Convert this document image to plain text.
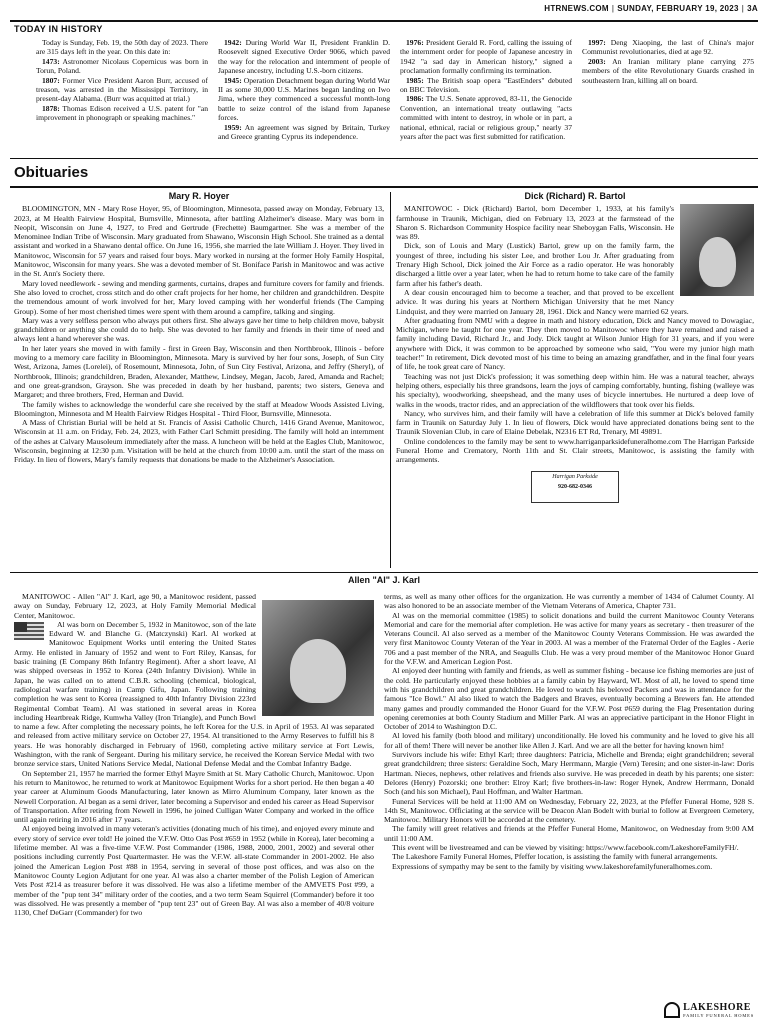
HTRNEWS.COM | SUNDAY, FEBRUARY 19, 2023 | 3A
TODAY IN HISTORY

Today is Sunday, Feb. 19, the 50th day of 2023. There are 315 days left in the year. On this date in:

1473: Astronomer Nicolaus Copernicus was born in Torun, Poland.

1807: Former Vice President Aaron Burr, accused of treason, was arrested in the Mississippi Territory, in present-day Alabama. (Burr was acquitted at trial.)

1878: Thomas Edison received a U.S. patent for "an improvement in phonograph or speaking machines."

1942: During World War II, President Franklin D. Roosevelt signed Executive Order 9066, which paved the way for the relocation and internment of people of Japanese ancestry, including U.S.-born citizens.

1945: Operation Detachment began during World War II as some 30,000 U.S. Marines began landing on Iwo Jima, where they commenced a successful month-long battle to seize control of the island from Japanese forces.

1959: An agreement was signed by Britain, Turkey and Greece granting Cyprus its independence.

1976: President Gerald R. Ford, calling the issuing of the internment order for people of Japanese ancestry in 1942 "a sad day in American history," signed a proclamation formally confirming its termination.

1985: The British soap opera "EastEnders" debuted on BBC Television.

1986: The U.S. Senate approved, 83-11, the Genocide Convention, an international treaty outlawing "acts committed with intent to destroy, in whole or in part, a national, ethnical, racial or religious group," nearly 37 years after the pact was first submitted for ratification.

1997: Deng Xiaoping, the last of China's major Communist revolutionaries, died at age 92.

2003: An Iranian military plane carrying 275 members of the elite Revolutionary Guards crashed in southeastern Iran, killing all on board.

Obituaries
Mary R. Hoyer

BLOOMINGTON, MN - Mary Rose Hoyer, 95, of Bloomington, Minnesota, passed away on Monday, February 13, 2023, at M Health Fairview Hospital, Burnsville, Minnesota, after battling Alzheimer's disease. Mary was born in Neopit, Wisconsin on June 4, 1927, to Fred and Gertrude (Frechette) Baumgartner. She was a member of the Menominee Indian Tribe of Wisconsin. Mary graduated from Shawano, Wisconsin High School. She trained as a dental assistant and worked in a Shawano dental office. On June 16, 1956, she married the late William J. Hoyer. They lived in Manitowoc, Wisconsin for 57 years and raised four boys. Mary worked in nursing at the former Holy Family Hospital, Manitowoc, Wisconsin for many years. She was a devoted member of St. Boniface Parish in Manitowoc and was active in the St. Ann's Society there.

Mary loved needlework - sewing and mending garments, curtains, drapes and furniture covers for family and friends. She also loved to crochet, cross stitch and do other craft projects for her home, her children and grandchildren. Despite the tremendous amount of work involved for her, Mary loved camping with her wonderful friends (The Camping Group). Some of her most cherished times were spent with them around a campfire, talking and singing.

Mary was a very selfless person who always put others first. She always gave her time to help children move, babysit grandchildren or anything she could do to help. She was devoted to her family and friends in their time of need and always lent a hand wherever she was.

In her later years she moved in with family - first in Green Bay, Wisconsin and then Northbrook, Illinois - before moving to a memory care facility in Bloomington, Minnesota. Mary is survived by her four sons, Joseph, of Sun City West, Arizona, James (Lorelei), of Rosemount, Minnesota, John, of Sun City Festival, Arizona, and Jeffry (Sheryl), of Northbrook, Illinois; grandchildren, Braden, Alexander, Matthew, Lindsey, Megan, Jacob, Jared, Amanda and Rachel; and one great-grandson, Grayson. She was preceded in death by her husband, parents; two sisters, Geneva and Margaret; and three brothers, Fred, Herman and David.

The family wishes to acknowledge the wonderful care she received by the staff at Meadow Woods Assisted Living, Bloomington, Minnesota and M Health Fairview Ridges Hospital - Third Floor, Burnsville, Minnesota.

A Mass of Christian Burial will be held at St. Francis of Assisi Catholic Church, 1416 Grand Avenue, Manitowoc, Wisconsin at 11 a.m. on Friday, Feb. 24, 2023, with Father Carl Schmitt presiding. The family will hold an internment of the ashes at Calvary Mausoleum immediately after the mass. A luncheon will be held at the Eagles Club, Manitowoc, Wisconsin, beginning at 12:30 p.m. Visitation will be held at the church from 10:00 a.m. until the start of the mass on Friday. In lieu of flowers, Mary's family requests that donations be made to the Alzheimer's Association.

Dick (Richard) R. Bartol

MANITOWOC - Dick (Richard) Bartol, born December 1, 1933, at his family's farmhouse in Traunik, Michigan, died on February 13, 2023 at the farmstead of the Sharon S. Richardson Community Hospice facility near Sheboygan Falls, Wisconsin. He was 89.

Dick, son of Louis and Mary (Lustick) Bartol, grew up on the family farm, the youngest of three, including his sister Lee, and brother Lou Jr. After graduating from Trenary High School, Dick joined the Air Force as a radio operator. He was honorably discharged a little over a year later, when he had to return home to take care of the family farm after his father's death.

A dear cousin encouraged him to become a teacher, and that proved to be excellent advice. It was during his years at Northern Michigan University that he met Nancy Lindquist, and they were married on January 28, 1961. Dick and Nancy were married 62 years.

After graduating from NMU with a degree in math and history education, Dick and Nancy moved to Dowagiac, Michigan, where he taught for one year. They then moved to Manitowoc where they have remained and raised a family including David, Richard Jr., and Jody. Dick taught at Wilson Junior High for 31 years, and if you were anywhere with Dick, it was common to be approached by someone who said, "You were my junior high math teacher!" In retirement, Dick devoted most of his time to being an amazing grandfather, and in the final four years of life, he took great care of Nancy.

Teaching was not just Dick's profession; it was something deep within him. He was a natural teacher, always helping others, especially his three grandsons, learn the joys of camping comfortably, hunting, fishing (walleye was his specialty), woodworking, sheepshead, and the many uses of bicycle innertubes. He nurtured a deep love of walks in the woods, tractor rides, and an appreciation of the wildflowers that took over his fields.

Nancy, who survives him, and their family will have a celebration of life this summer at Dick's beloved family farm in Traunik on Saturday July 1. In lieu of flowers, Dick would have appreciated donations being sent to the Traunik Slovenian Club, in care of Elaine Debelak, N2316 ET Rd, Trenary, MI 49891.

Online condolences to the family may be sent to www.harriganparksidefuneralhome.com The Harrigan Parkside Funeral Home and Crematory, North 11th and St. Clair streets, Manitowoc, is assisting the family with arrangements.

Harrigan Parkside
920-682-0346
Allen "Al" J. Karl

MANITOWOC - Allen "Al" J. Karl, age 90, a Manitowoc resident, passed away on Sunday, February 12, 2023, at Holy Family Memorial Medical Center, Manitowoc.

Al was born on December 5, 1932 in Manitowoc, son of the late Edward W. and Blanche G. (Matczynski) Karl. Al worked at Manitowoc Equipment Works until entering the United States Army. He enlisted in January of 1952 and went to Fort Riley, Kansas, for basic training (E Company 86th Infantry Regiment). After a short leave, Al was shipped overseas in 1952 to Korea (24th Infantry Division). While in Japan, he was called on to attend C.B.R. schooling (chemical, biological, radiological warfare training) in Camp Gifu, Japan. Following training completion he was sent to Korea (reassigned to 40th Infantry Division 223rd Regimental Combat Team). Al was stationed in several areas in Korea including Heartbreak Ridge, Kumwha Valley (Iron Triangle), and Punch Bowl to name a few. After completing the necessary points, he left Korea for the U.S. in April of 1953. Al was separated and released from active military service on October 27, 1954. Al transitioned to the Army Reserves to fulfill his 8 years. He was honorably discharged in February of 1960, completing active military service at Fort Lewis, Washington, with the rank of Sergeant. During his military service, he received the Korean Service Medal with two bronze service stars, United Nations Service Medal, National Defense Medal and the Combat Infantry Badge.

On September 21, 1957 he married the former Ethyl Mayre Smith at St. Mary Catholic Church, Manitowoc. Upon his return to Manitowoc, he returned to work at Manitowoc Equipment Works for a short period. He then began a 40 year career at Aluminum Goods Manufacturing, later known as Mirro Aluminum Company, later known as the Newell Corporation. Al began as a semi driver, later becoming a Supervisor and ended his career as Head Supervisor of Transportation. After retiring from Newell in 1996, he joined Culligan Water Company and worked in the office until again retiring in 2016 after 17 years.

Al enjoyed being involved in many veteran's activities (donating much of his time), and enjoyed every minute and every story of service ever told! He joined the V.F.W. Otto Oas Post #659 in 1952 (while in Korea), later becoming a lifetime member. Al was a five-time V.F.W. Post Commander (1986, 1988, 2000, 2001, 2002) and several other positions including currently Post Quartermaster. He was the V.F.W. all-state Commander in 2001-2002. He also joined the American Legion Post #88 in 1954, serving in several of those post offices, and was also on the Manitowoc County Legion Adjutant for one year. Al was also a charter member of the Polish Legion of American Vets Post #214 as treasurer before it was dissolved. He was also a lifetime member of the AMVETS Post #99, a member of the "pup tent 34" military order of the cooties, and a two term Seam Squirrel (Commander) before it too was dissolved. He was presently a member of "pup tent 23" out of Green Bay. Al was also a member of 40/8 voiture 1130, Chef DeGarr (Commander) for two

terms, as well as many other offices for the organization. He was currently a member of 1434 of Calumet County. Al was also honored to be an associate member of the Vietnam Veterans of America, Chapter 731.

Al was on the memorial committee (1985) to solicit donations and build the current Manitowoc County Veterans Memorial and care for the memorial after completion. He was active for many years as secretary - then treasurer of the Veterans Council. Al also served as a member of the Manitowoc County Veterans Commission. He was awarded the very first Manitowoc County Veteran of the Year in 2003. Al was a member of the Fraternal Order of the Eagles - Aerie 706 and a past member of the NRA, and Seagulls Club. He was a very proud member of the Manitowoc Honor Guard for the V.F.W. and American Legion Post.

Al enjoyed deer hunting with family and friends, as well as summer fishing - because ice fishing memories are just of the cold. He particularly enjoyed these hobbies at a family cabin by Hayward, WI. Most of all, he loved to spend time with his grandchildren and great grandchildren. He loved to watch his beloved Packers and was in attendance for the famous "Ice Bowl." Al also liked to watch the Badgers and Braves, eventually becoming a Brewers fan. He attended many games and proudly commanded the Honor Guard for the V.F.W. Post #659 during the Flag Presentation during opening ceremonies at both County Stadium and Miller Park. Al was an appreciative participant in the Honor Flight in October of 2014 to Washington D.C.

Al loved his family (both blood and military) unconditionally. He loved his community and he loved to give his all for all of them! There will never be another like Allen J. Karl. And we are all the better for having known him!

Survivors include his wife: Ethyl Karl; three daughters: Patricia, Michelle and Brenda; eight grandchildren; several great grandchildren; three sisters: Geraldine Soch, Mary Herrmann, Margie (Vern) Teresin; and one sister-in-law: Doris Hartman. Nieces, nephews, other relatives and friends also survive. He was preceded in death by his parents; one sister: Delores (Henry) Pozorski; one brother: Elroy Karl; five brothers-in-law: Roger Hynek, Andrew Herrmann, Donald Soch (and his son Michael), Paul Hoffman, and Walter Hartman.

Funeral Services will be held at 11:00 AM on Wednesday, February 22, 2023, at the Pfeffer Funeral Home, 928 S. 14th St, Manitowoc. Officiating at the service will be Deacon Alan Bodelt with burial to follow at Evergreen Cemetery, Manitowoc. Military Honors will be accorded at the cemetery.

The family will greet relatives and friends at the Pfeffer Funeral Home, Manitowoc, on Wednesday from 9:00 AM until 11:00 AM.

This event will be livestreamed and can be viewed by visiting: https://www.facebook.com/LakeshoreFamilyFH/.

The Lakeshore Family Funeral Homes, Pfeffer location, is assisting the family with funeral arrangements.

Expressions of sympathy may be sent to the family by visiting www.lakeshorefamilyfuneralhomes.com.

LAKESHORE
FAMILY FUNERAL HOMES
